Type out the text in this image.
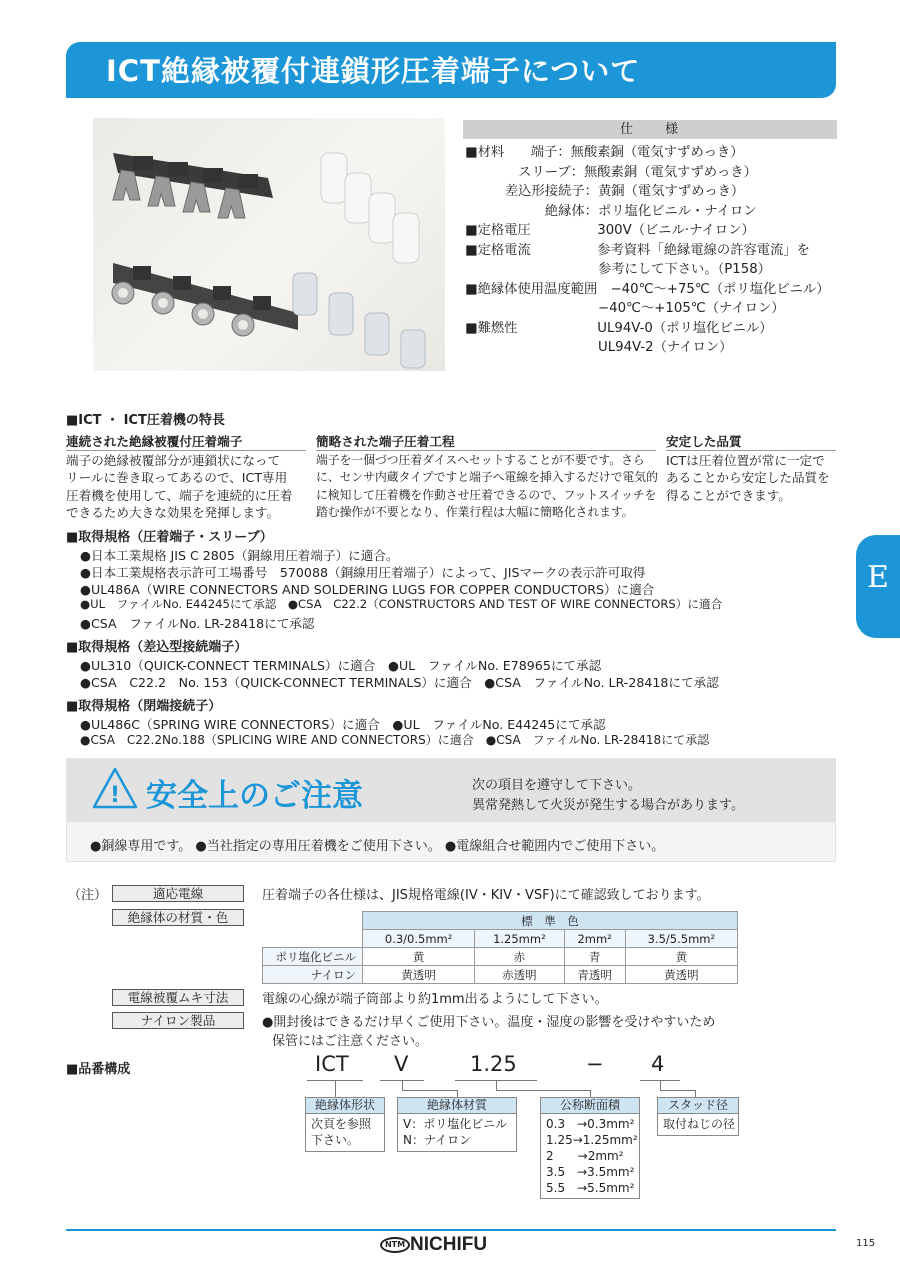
ICT絶縁被覆付連鎖形圧着端子について
仕　　様
■材料　　端子：無酸素銅（電気すずめっき）
　　　　スリーブ：無酸素銅（電気すずめっき）
　　　差込形接続子：黄銅（電気すずめっき）
　　　　　　絶縁体：ポリ塩化ビニル・ナイロン
■定格電圧　　　　　300V（ビニル·ナイロン）
■定格電流　　　　　参考資料「絶縁電線の許容電流」を
　　　　　　　　　　参考にして下さい。（P158）
■絶縁体使用温度範囲　−40℃〜+75℃（ポリ塩化ビニル）
　　　　　　　　　　−40℃〜+105℃（ナイロン）
■難燃性　　　　　　UL94V-0（ポリ塩化ビニル）
　　　　　　　　　　UL94V-2（ナイロン）
■ICT ・ ICT圧着機の特長
連続された絶縁被覆付圧着端子

端子の絶縁被覆部分が連鎖状になって

リールに巻き取ってあるので、ICT専用

圧着機を使用して、端子を連続的に圧着

できるため大きな効果を発揮します。

簡略された端子圧着工程

端子を一個づつ圧着ダイスへセットすることが不要です。さら

に、センサ内蔵タイプですと端子へ電線を挿入するだけで電気的

に検知して圧着機を作動させ圧着できるので、フットスイッチを

踏む操作が不要となり、作業行程は大幅に簡略化されます。

安定した品質

ICTは圧着位置が常に一定で

あることから安定した品質を

得ることができます。

■取得規格（圧着端子・スリーブ）
●日本工業規格 JIS C 2805（銅線用圧着端子）に適合。
●日本工業規格表示許可工場番号　570088（銅線用圧着端子）によって、JISマークの表示許可取得
●UL486A（WIRE CONNECTORS AND SOLDERING LUGS FOR COPPER CONDUCTORS）に適合
●UL　ファイルNo. E44245にて承認　●CSA　C22.2（CONSTRUCTORS AND TEST OF WIRE CONNECTORS）に適合
●CSA　ファイルNo. LR-28418にて承認
■取得規格（差込型接続端子）
●UL310（QUICK-CONNECT TERMINALS）に適合　●UL　ファイルNo. E78965にて承認
●CSA　C22.2　No. 153（QUICK-CONNECT TERMINALS）に適合　●CSA　ファイルNo. LR-28418にて承認
■取得規格（閉端接続子）
●UL486C（SPRING WIRE CONNECTORS）に適合　●UL　ファイルNo. E44245にて承認
●CSA　C22.2No.188（SPLICING WIRE AND CONNECTORS）に適合　●CSA　ファイルNo. LR-28418にて承認
E
! 安全上のご注意	次の項目を遵守して下さい。
異常発熱して火災が発生する場合があります。
●銅線専用です。 ●当社指定の専用圧着機をご使用下さい。 ●電線組合せ範囲内でご使用下さい。
（注）	適応電線	圧着端子の各仕様は、JIS規格電線(IV・KIV・VSF)にて確認致しております。
絶縁体の材質・色
		標　準　色			
	0.3/0.5mm²	1.25mm²	2mm²	3.5/5.5mm²
ポリ塩化ビニル	黄	赤	青	黄
ナイロン	黄透明	赤透明	青透明	黄透明
電線被覆ムキ寸法	電線の心線が端子筒部より約1mm出るようにして下さい。
ナイロン製品	●開封後はできるだけ早くご使用下さい。温度・湿度の影響を受けやすいため
保管にはご注意ください。
■品番構成	ICT V	1.25	− 4
絶縁体形状
次頁を参照
下さい。
絶縁体材質
V：ポリ塩化ビニル
N：ナイロン
公称断面積
0.3　→0.3mm²
1.25→1.25mm²
2　　→2mm²
3.5　→3.5mm²
5.5　→5.5mm²
スタッド径
取付ねじの径
NTM NICHIFU	115
